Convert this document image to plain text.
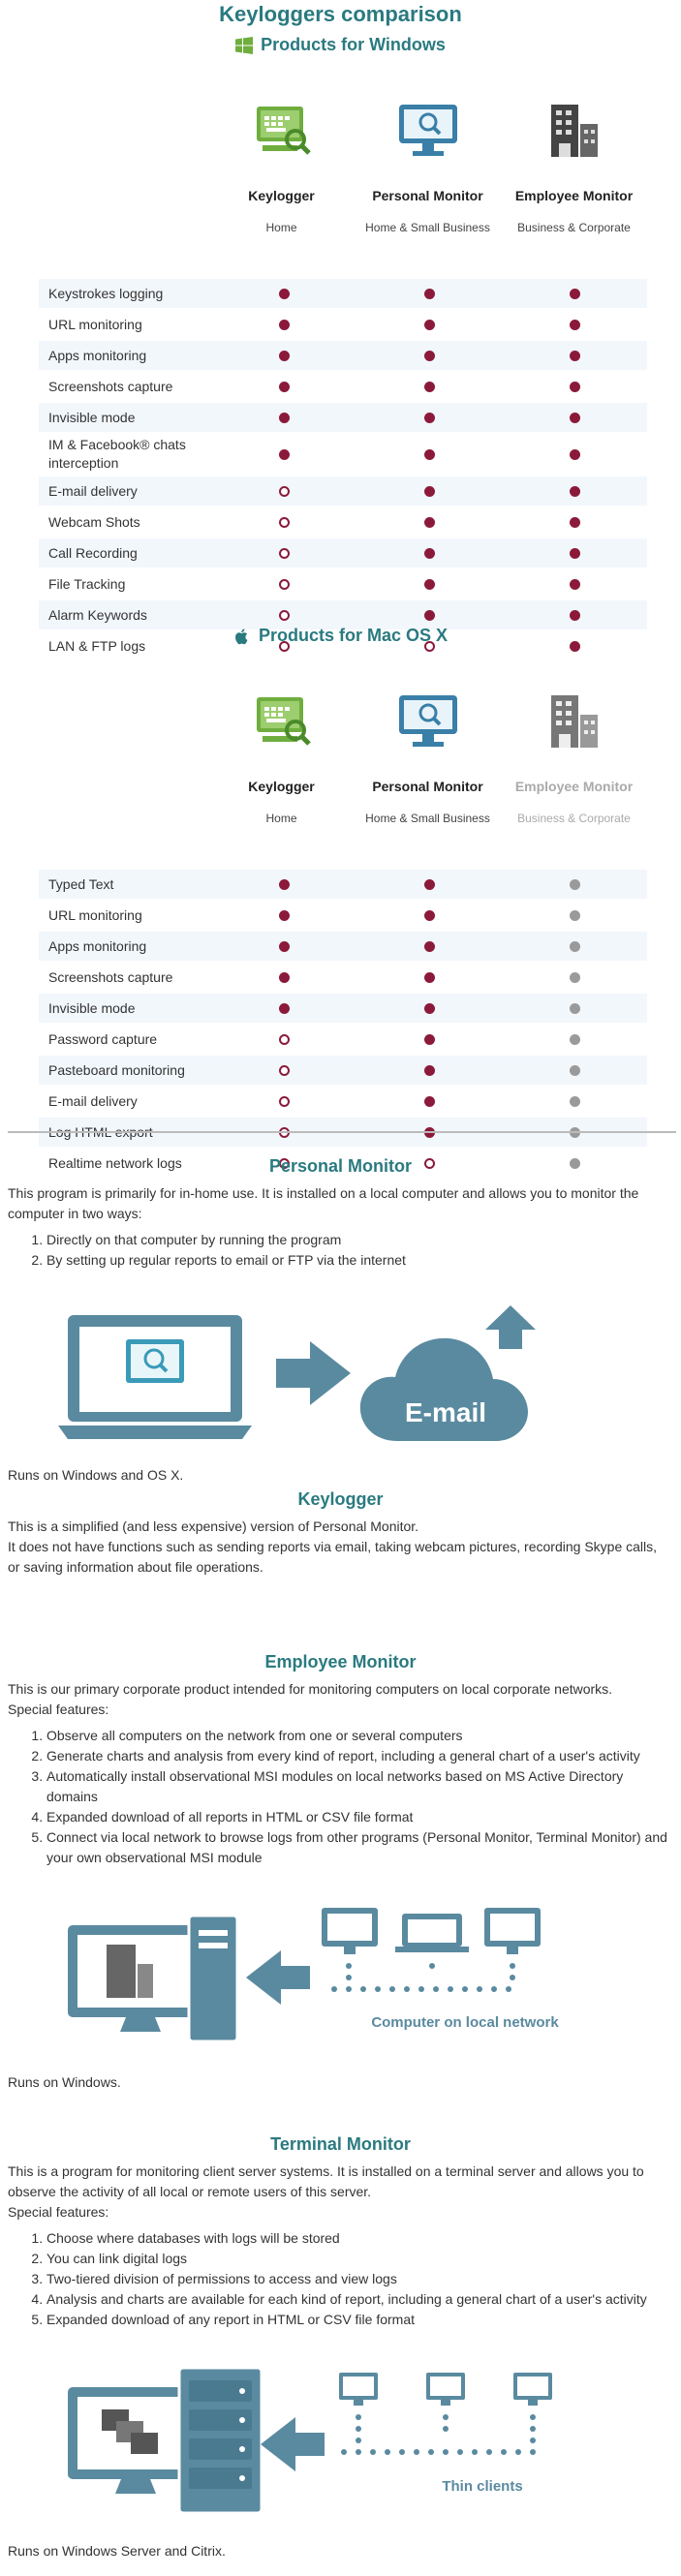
Keyloggers comparison
Products for Windows
Keylogger
Home
Personal Monitor
Home & Small Business
Employee Monitor
Business & Corporate
Keystrokes logging
URL monitoring
Apps monitoring
Screenshots capture
Invisible mode
IM & Facebook® chats interception
E-mail delivery
Webcam Shots
Call Recording
File Tracking
Alarm Keywords
LAN & FTP logs
Products for Mac OS X
Keylogger
Home
Personal Monitor
Home & Small Business
Employee Monitor
Business & Corporate
Typed Text
URL monitoring
Apps monitoring
Screenshots capture
Invisible mode
Password capture
Pasteboard monitoring
E-mail delivery
Log HTML export
Realtime network logs	Personal Monitor

This program is primarily for in-home use. It is installed on a local computer and allows you to monitor the computer in two ways:

1. Directly on that computer by running the program
2. By setting up regular reports to email or FTP via the internet
E-mail
Runs on Windows and OS X.
Keylogger

This is a simplified (and less expensive) version of Personal Monitor.

It does not have functions such as sending reports via email, taking webcam pictures, recording Skype calls, or saving information about file operations.

Employee Monitor

This is our primary corporate product intended for monitoring computers on local corporate networks.

Special features:

1. Observe all computers on the network from one or several computers
2. Generate charts and analysis from every kind of report, including a general chart of a user's activity
3. Automatically install observational MSI modules on local networks based on MS Active Directory domains
4. Expanded download of all reports in HTML or CSV file format
5. Connect via local network to browse logs from other programs (Personal Monitor, Terminal Monitor) and your own observational MSI module
Computer on local network
Runs on Windows.
Terminal Monitor

This is a program for monitoring client server systems. It is installed on a terminal server and allows you to observe the activity of all local or remote users of this server.

Special features:

1. Choose where databases with logs will be stored
2. You can link digital logs
3. Two-tiered division of permissions to access and view logs
4. Analysis and charts are available for each kind of report, including a general chart of a user's activity
5. Expanded download of any report in HTML or CSV file format
Thin clients
Runs on Windows Server and Citrix.
